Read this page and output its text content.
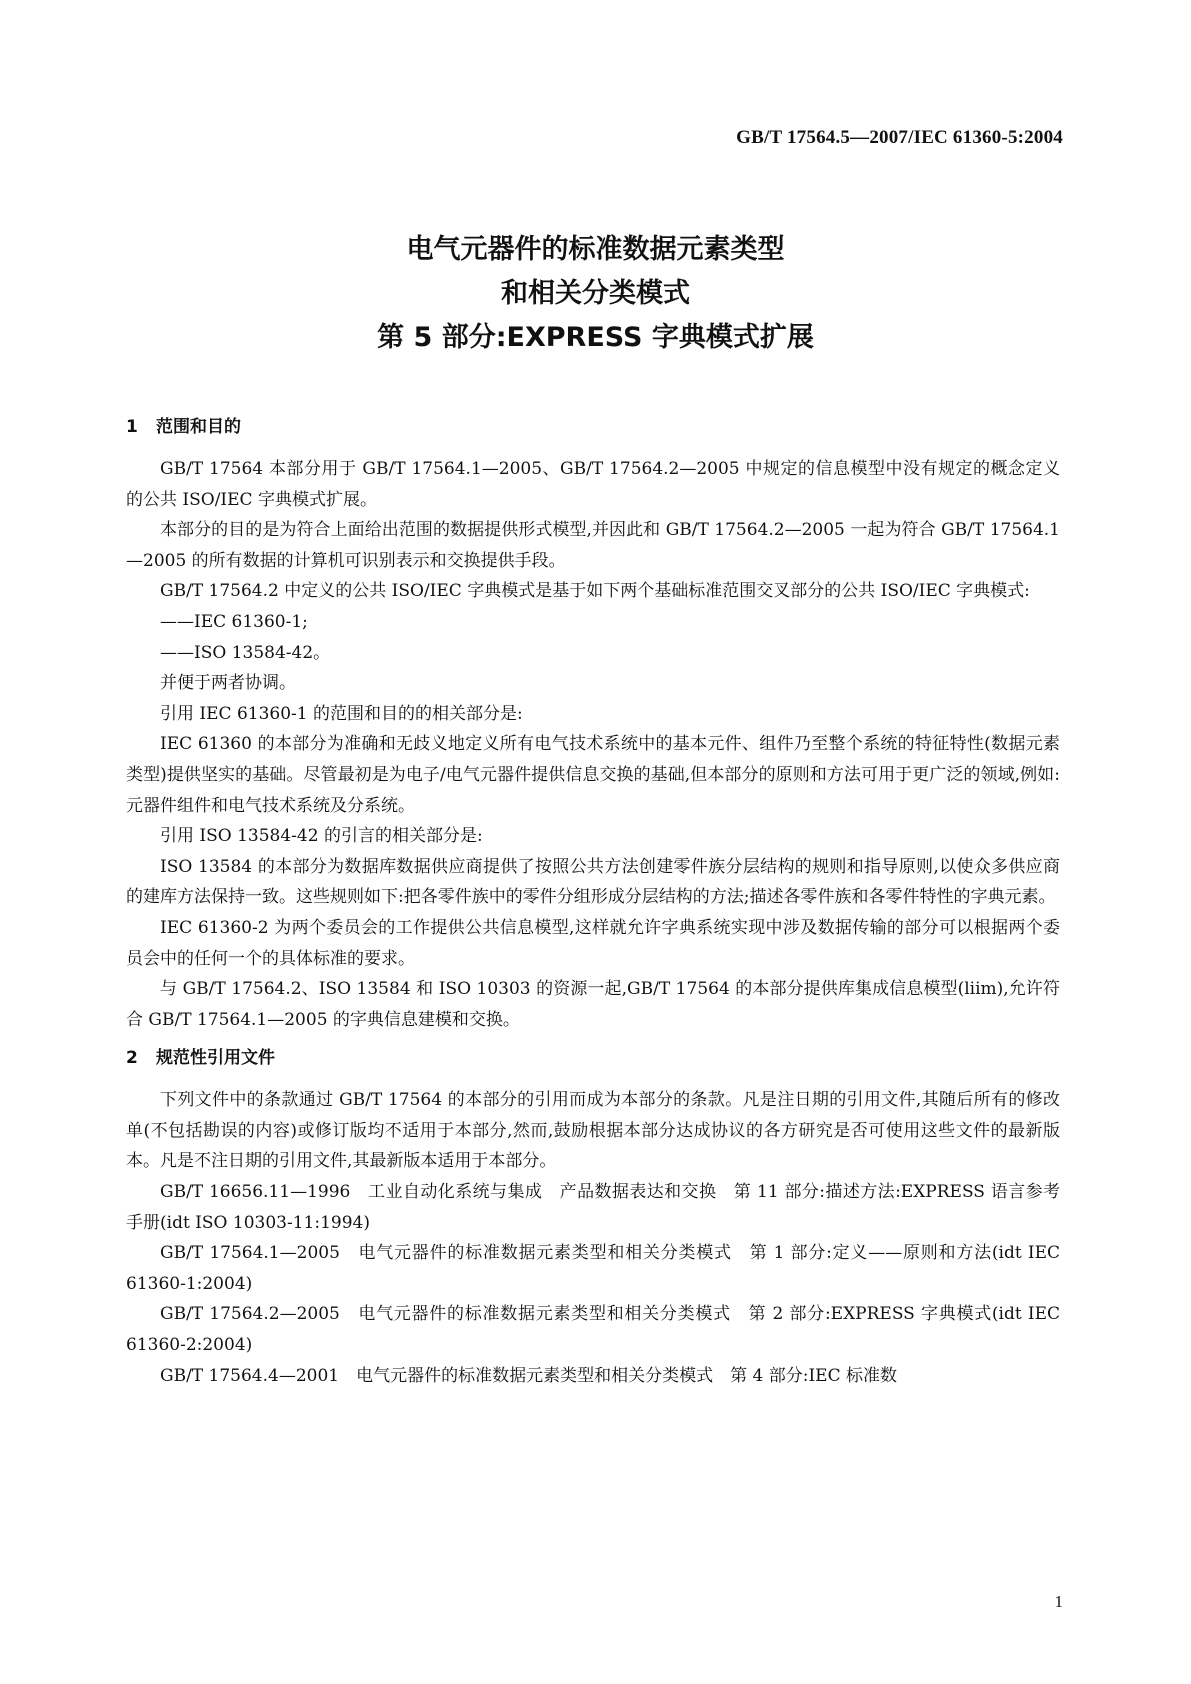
GB/T 17564.5—2007/IEC 61360-5:2004
电气元器件的标准数据元素类型
和相关分类模式
第 5 部分:EXPRESS 字典模式扩展

1 范围和目的

GB/T 17564 本部分用于 GB/T 17564.1—2005、GB/T 17564.2—2005 中规定的信息模型中没有规定的概念定义的公共 ISO/IEC 字典模式扩展。

本部分的目的是为符合上面给出范围的数据提供形式模型,并因此和 GB/T 17564.2—2005 一起为符合 GB/T 17564.1—2005 的所有数据的计算机可识别表示和交换提供手段。

GB/T 17564.2 中定义的公共 ISO/IEC 字典模式是基于如下两个基础标准范围交叉部分的公共 ISO/IEC 字典模式:

——IEC 61360-1;

——ISO 13584-42。

并便于两者协调。

引用 IEC 61360-1 的范围和目的的相关部分是:

IEC 61360 的本部分为准确和无歧义地定义所有电气技术系统中的基本元件、组件乃至整个系统的特征特性(数据元素类型)提供坚实的基础。尽管最初是为电子/电气元器件提供信息交换的基础,但本部分的原则和方法可用于更广泛的领域,例如:元器件组件和电气技术系统及分系统。

引用 ISO 13584-42 的引言的相关部分是:

ISO 13584 的本部分为数据库数据供应商提供了按照公共方法创建零件族分层结构的规则和指导原则,以使众多供应商的建库方法保持一致。这些规则如下:把各零件族中的零件分组形成分层结构的方法;描述各零件族和各零件特性的字典元素。

IEC 61360-2 为两个委员会的工作提供公共信息模型,这样就允许字典系统实现中涉及数据传输的部分可以根据两个委员会中的任何一个的具体标准的要求。

与 GB/T 17564.2、ISO 13584 和 ISO 10303 的资源一起,GB/T 17564 的本部分提供库集成信息模型(liim),允许符合 GB/T 17564.1—2005 的字典信息建模和交换。

2 规范性引用文件

下列文件中的条款通过 GB/T 17564 的本部分的引用而成为本部分的条款。凡是注日期的引用文件,其随后所有的修改单(不包括勘误的内容)或修订版均不适用于本部分,然而,鼓励根据本部分达成协议的各方研究是否可使用这些文件的最新版本。凡是不注日期的引用文件,其最新版本适用于本部分。

GB/T 16656.11—1996　工业自动化系统与集成　产品数据表达和交换　第 11 部分:描述方法:EXPRESS 语言参考手册(idt ISO 10303-11:1994)

GB/T 17564.1—2005　电气元器件的标准数据元素类型和相关分类模式　第 1 部分:定义——原则和方法(idt IEC 61360-1:2004)

GB/T 17564.2—2005　电气元器件的标准数据元素类型和相关分类模式　第 2 部分:EXPRESS 字典模式(idt IEC 61360-2:2004)

GB/T 17564.4—2001　电气元器件的标准数据元素类型和相关分类模式　第 4 部分:IEC 标准数

1
